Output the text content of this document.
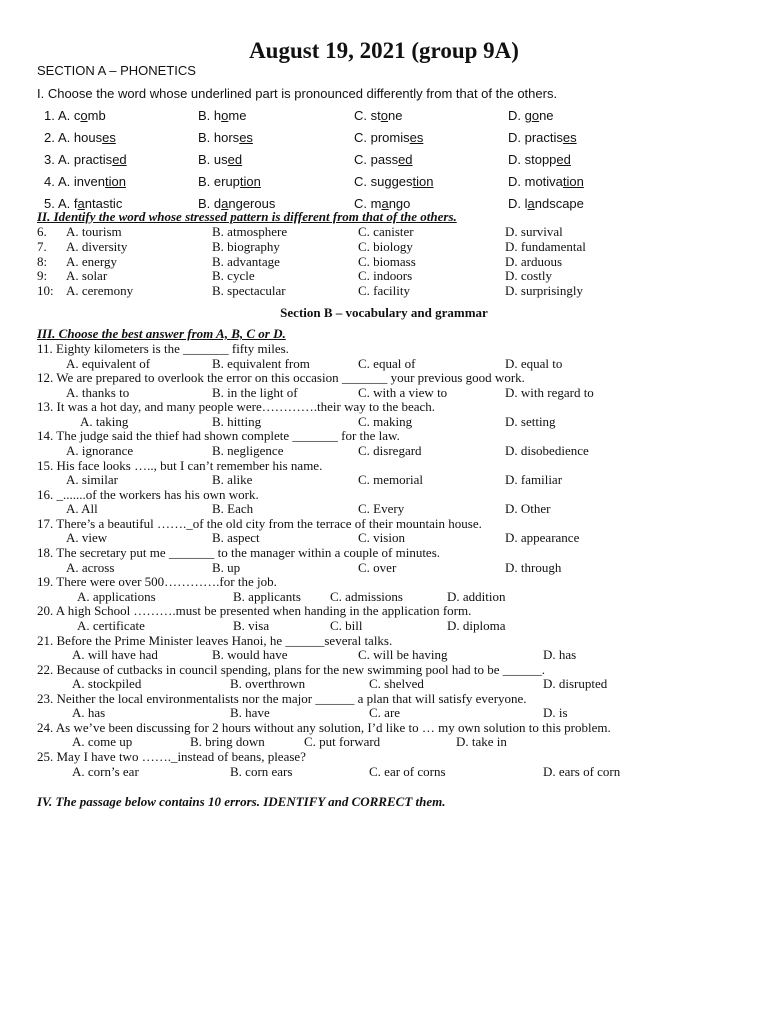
August 19, 2021 (group 9A)
SECTION A – PHONETICS
I. Choose the word whose underlined part is pronounced differently from that of the others.
1. A. comb	B. home	C. stone	D. gone
2. A. houses	B. horses	C. promises	D. practises
3. A. practised	B. used	C. passed	D. stopped
4. A. invention	B. eruption	C. suggestion	D. motivation
5. A. fantastic	B. dangerous	C. mango	D. landscape
II. Identify the word whose stressed pattern is different from that of the others.
6. A. tourism	B. atmosphere	C. canister	D. survival
7. A. diversity	B. biography	C. biology	D. fundamental
8: A. energy	B. advantage	C. biomass	D. arduous
9: A. solar	B. cycle	C. indoors	D. costly
10: A. ceremony	B. spectacular	C. facility	D. surprisingly
Section B – vocabulary and grammar
III. Choose the best answer from A, B, C or D.
11. Eighty kilometers is the _______ fifty miles.
A. equivalent of	B. equivalent from	C. equal of	D. equal to
12. We are prepared to overlook the error on this occasion _______ your previous good work.
A. thanks to	B. in the light of	C. with a view to	D. with regard to
13. It was a hot day, and many people were………….their way to the beach.
A. taking	B. hitting	C. making	D. setting
14. The judge said the thief had shown complete _______ for the law.
A. ignorance	B. negligence	C. disregard	D. disobedience
15. His face looks ….., but I can’t remember his name.
A. similar	B. alike	C. memorial	D. familiar
16. _.......of the workers has his own work.
A. All	B. Each	C. Every	D. Other
17. There’s a beautiful ……._of the old city from the terrace of their mountain house.
A. view	B. aspect	C. vision	D. appearance
18. The secretary put me _______ to the manager within a couple of minutes.
A. across	B. up	C. over	D. through
19. There were over 500………….for the job.
A. applications	B. applicants C. admissions	D. addition
20. A high School ……….must be presented when handing in the application form.
A. certificate	B. visa	C. bill	D. diploma
21. Before the Prime Minister leaves Hanoi, he ______several talks.
A. will have had	B. would have	C. will be having	D. has
22. Because of cutbacks in council spending, plans for the new swimming pool had to be ______.
A. stockpiled	B. overthrown	C. shelved	D. disrupted
23. Neither the local environmentalists nor the major ______ a plan that will satisfy everyone.
A. has	B. have	C. are	D. is
24. As we’ve been discussing for 2 hours without any solution, I’d like to … my own solution to this problem.
A. come up	B. bring down	C. put forward	D. take in
25. May I have two ……._instead of beans, please?
A. corn’s ear	B. corn ears	C. ear of corns	D. ears of corn
IV. The passage below contains 10 errors. IDENTIFY and CORRECT them.
